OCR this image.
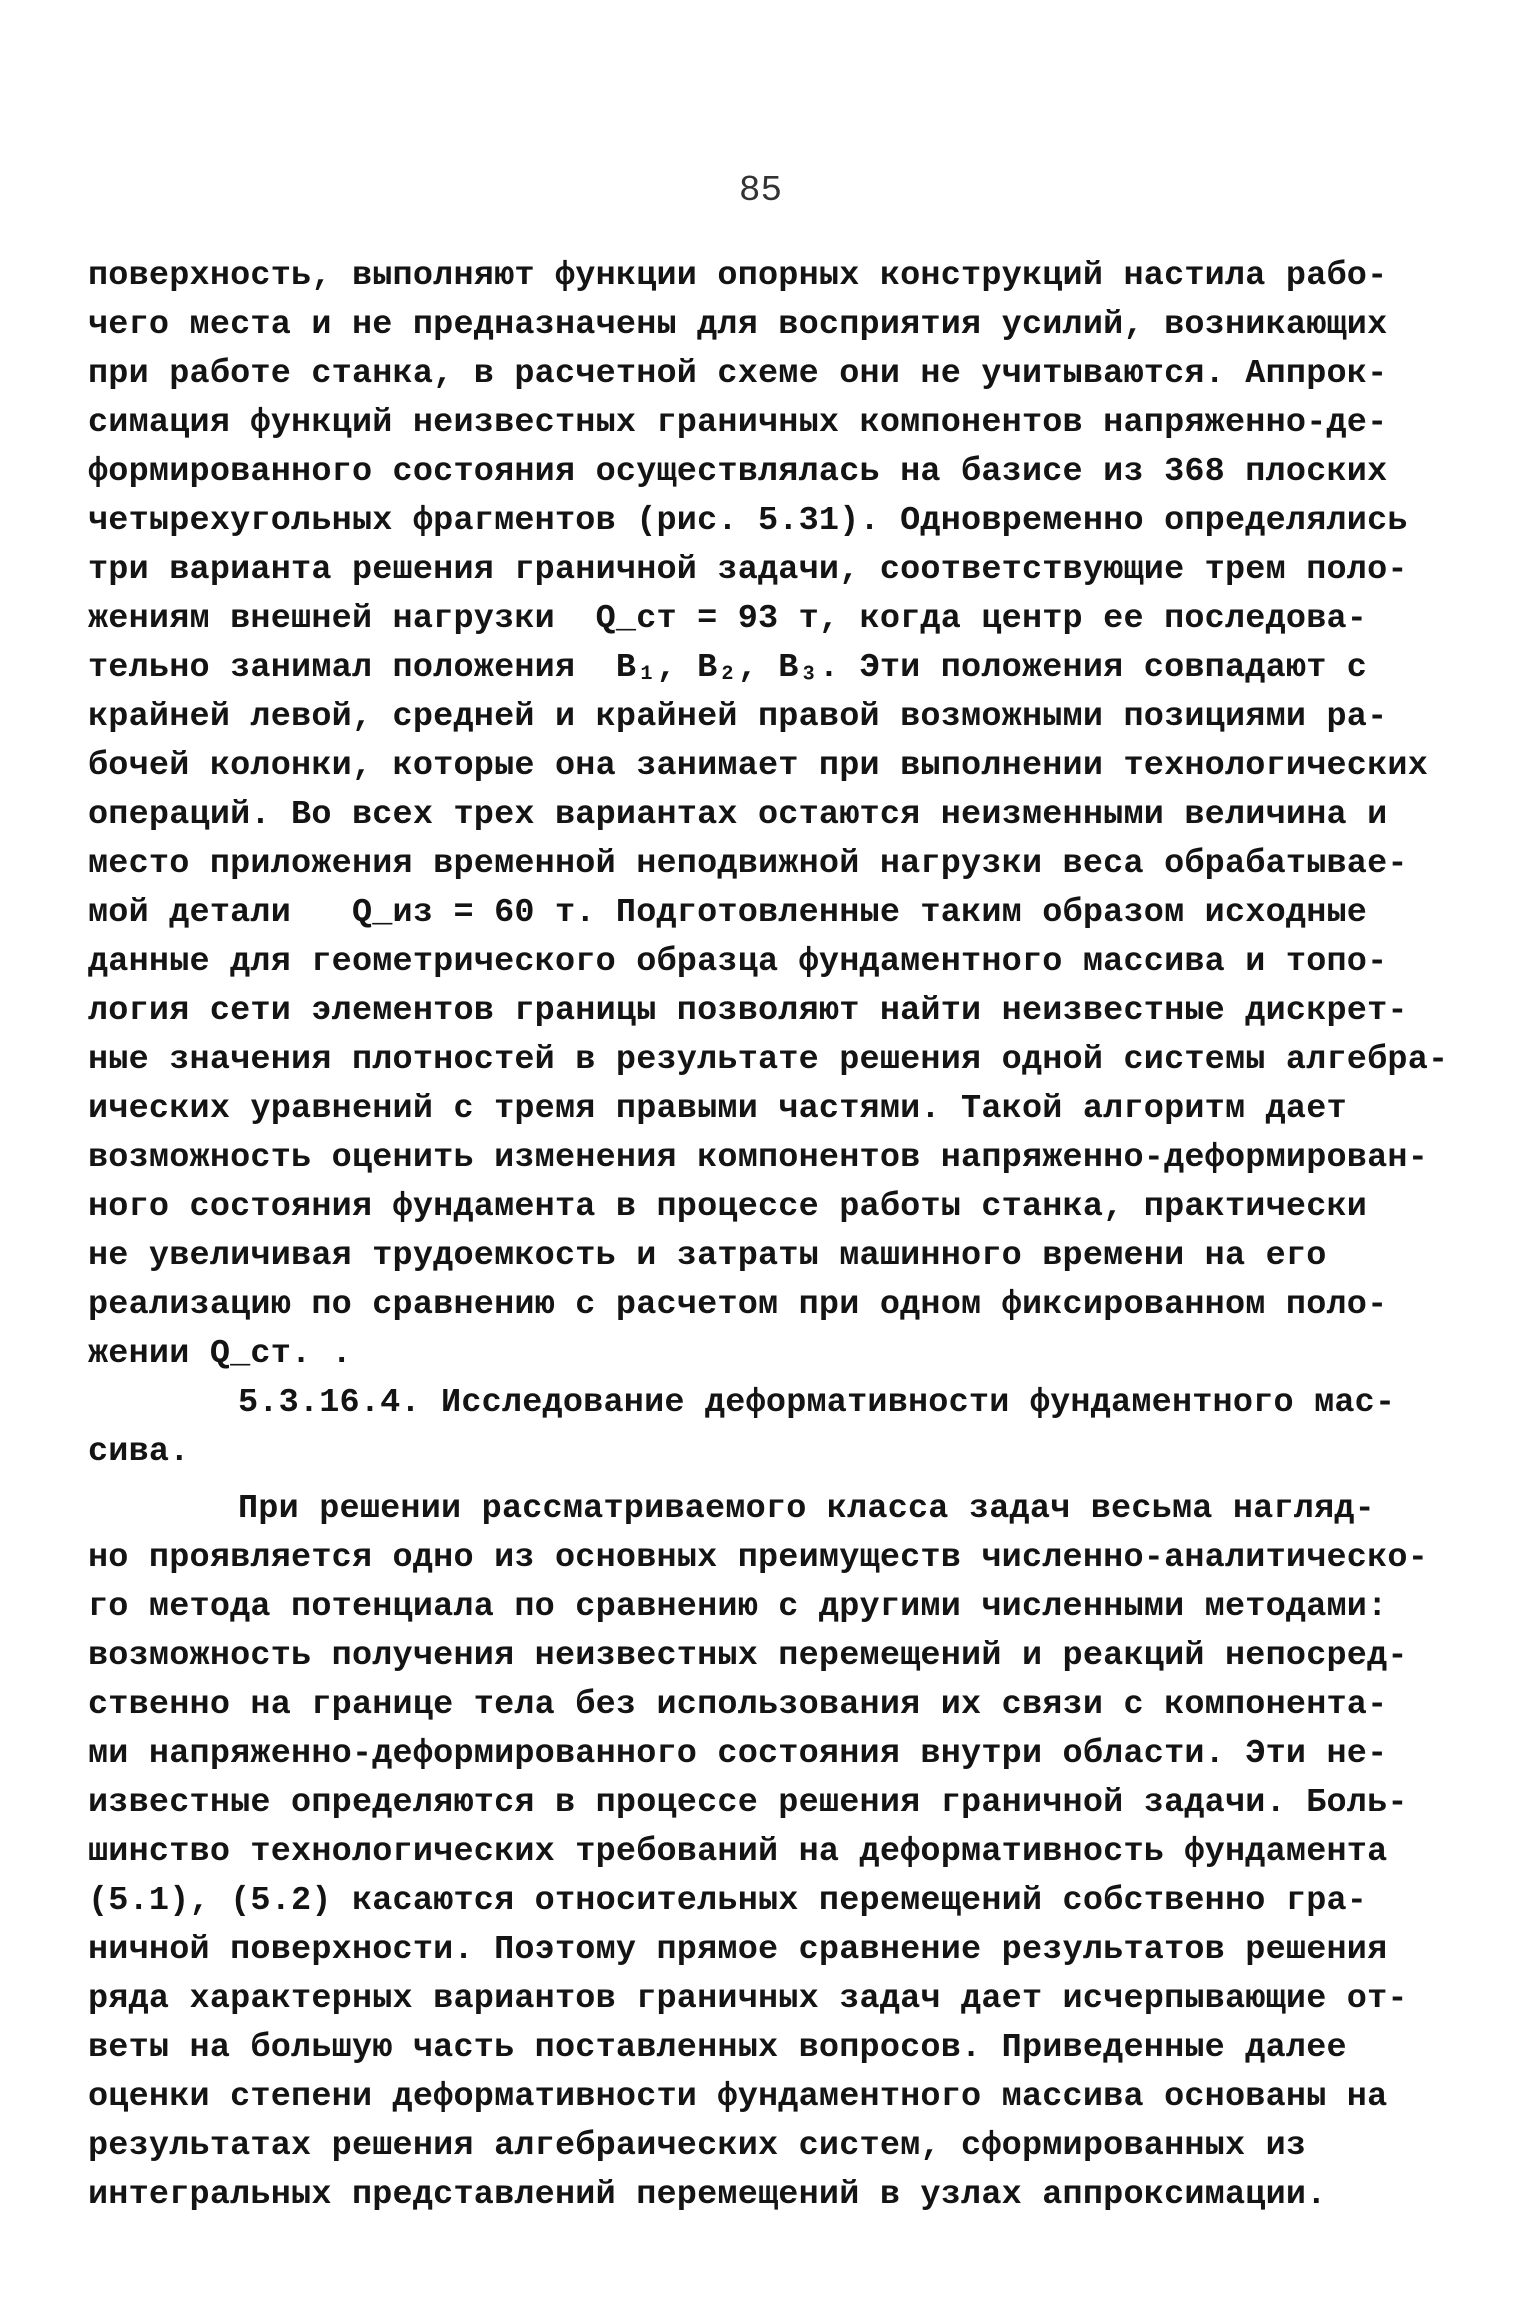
85
поверхность, выполняют функции опорных конструкций настила рабо-
чего места и не предназначены для восприятия усилий, возникающих
при работе станка, в расчетной схеме они не учитываются. Аппрок-
симация функций неизвестных граничных компонентов напряженно-де-
формированного состояния осуществлялась на базисе из 368 плоских
четырехугольных фрагментов (рис. 5.31). Одновременно определялись
три варианта решения граничной задачи, соответствующие трем поло-
жениям внешней нагрузки  Q_ст = 93 т, когда центр ее последова-
тельно занимал положения  B₁, B₂, B₃. Эти положения совпадают с
крайней левой, средней и крайней правой возможными позициями ра-
бочей колонки, которые она занимает при выполнении технологических
операций. Во всех трех вариантах остаются неизменными величина и
место приложения временной неподвижной нагрузки веса обрабатывае-
мой детали   Q_из = 60 т. Подготовленные таким образом исходные
данные для геометрического образца фундаментного массива и топо-
логия сети элементов границы позволяют найти неизвестные дискрет-
ные значения плотностей в результате решения одной системы алгебра-
ических уравнений с тремя правыми частями. Такой алгоритм дает
возможность оценить изменения компонентов напряженно-деформирован-
ного состояния фундамента в процессе работы станка, практически
не увеличивая трудоемкость и затраты машинного времени на его
реализацию по сравнению с расчетом при одном фиксированном поло-
жении Q_ст. .
5.3.16.4. Исследование деформативности фундаментного мас-
сива.
При решении рассматриваемого класса задач весьма нагляд-
но проявляется одно из основных преимуществ численно-аналитическо-
го метода потенциала по сравнению с другими численными методами:
возможность получения неизвестных перемещений и реакций непосред-
ственно на границе тела без использования их связи с компонента-
ми напряженно-деформированного состояния внутри области. Эти не-
известные определяются в процессе решения граничной задачи. Боль-
шинство технологических требований на деформативность фундамента
(5.1), (5.2) касаются относительных перемещений собственно гра-
ничной поверхности. Поэтому прямое сравнение результатов решения
ряда характерных вариантов граничных задач дает исчерпывающие от-
веты на большую часть поставленных вопросов. Приведенные далее
оценки степени деформативности фундаментного массива основаны на
результатах решения алгебраических систем, сформированных из
интегральных представлений перемещений в узлах аппроксимации.
